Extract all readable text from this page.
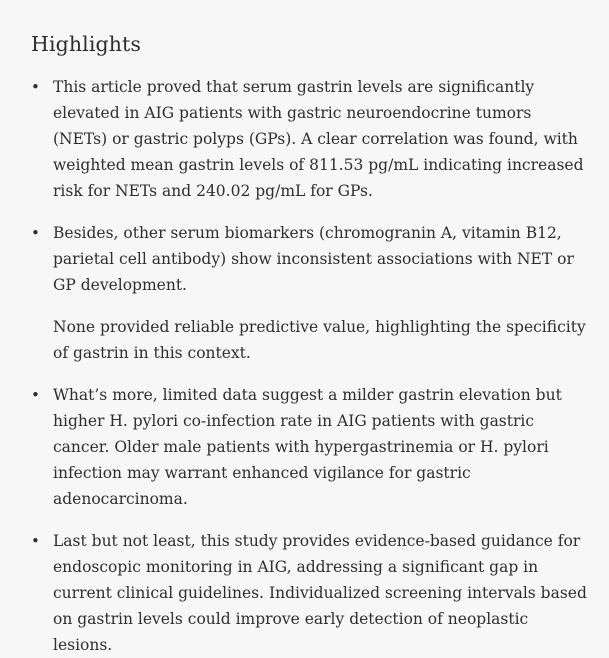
Highlights
• This article proved that serum gastrin levels are significantly elevated in AIG patients with gastric neuroendocrine tumors (NETs) or gastric polyps (GPs). A clear correlation was found, with weighted mean gastrin levels of 811.53 pg/mL indicating increased risk for NETs and 240.02 pg/mL for GPs.

• Besides, other serum biomarkers (chromogranin A, vitamin B12, parietal cell antibody) show inconsistent associations with NET or GP development.

None provided reliable predictive value, highlighting the specificity of gastrin in this context.

• What’s more, limited data suggest a milder gastrin elevation but higher H. pylori co-infection rate in AIG patients with gastric cancer. Older male patients with hypergastrinemia or H. pylori infection may warrant enhanced vigilance for gastric adenocarcinoma.

• Last but not least, this study provides evidence-based guidance for endoscopic monitoring in AIG, addressing a significant gap in current clinical guidelines. Individualized screening intervals based on gastrin levels could improve early detection of neoplastic lesions.
